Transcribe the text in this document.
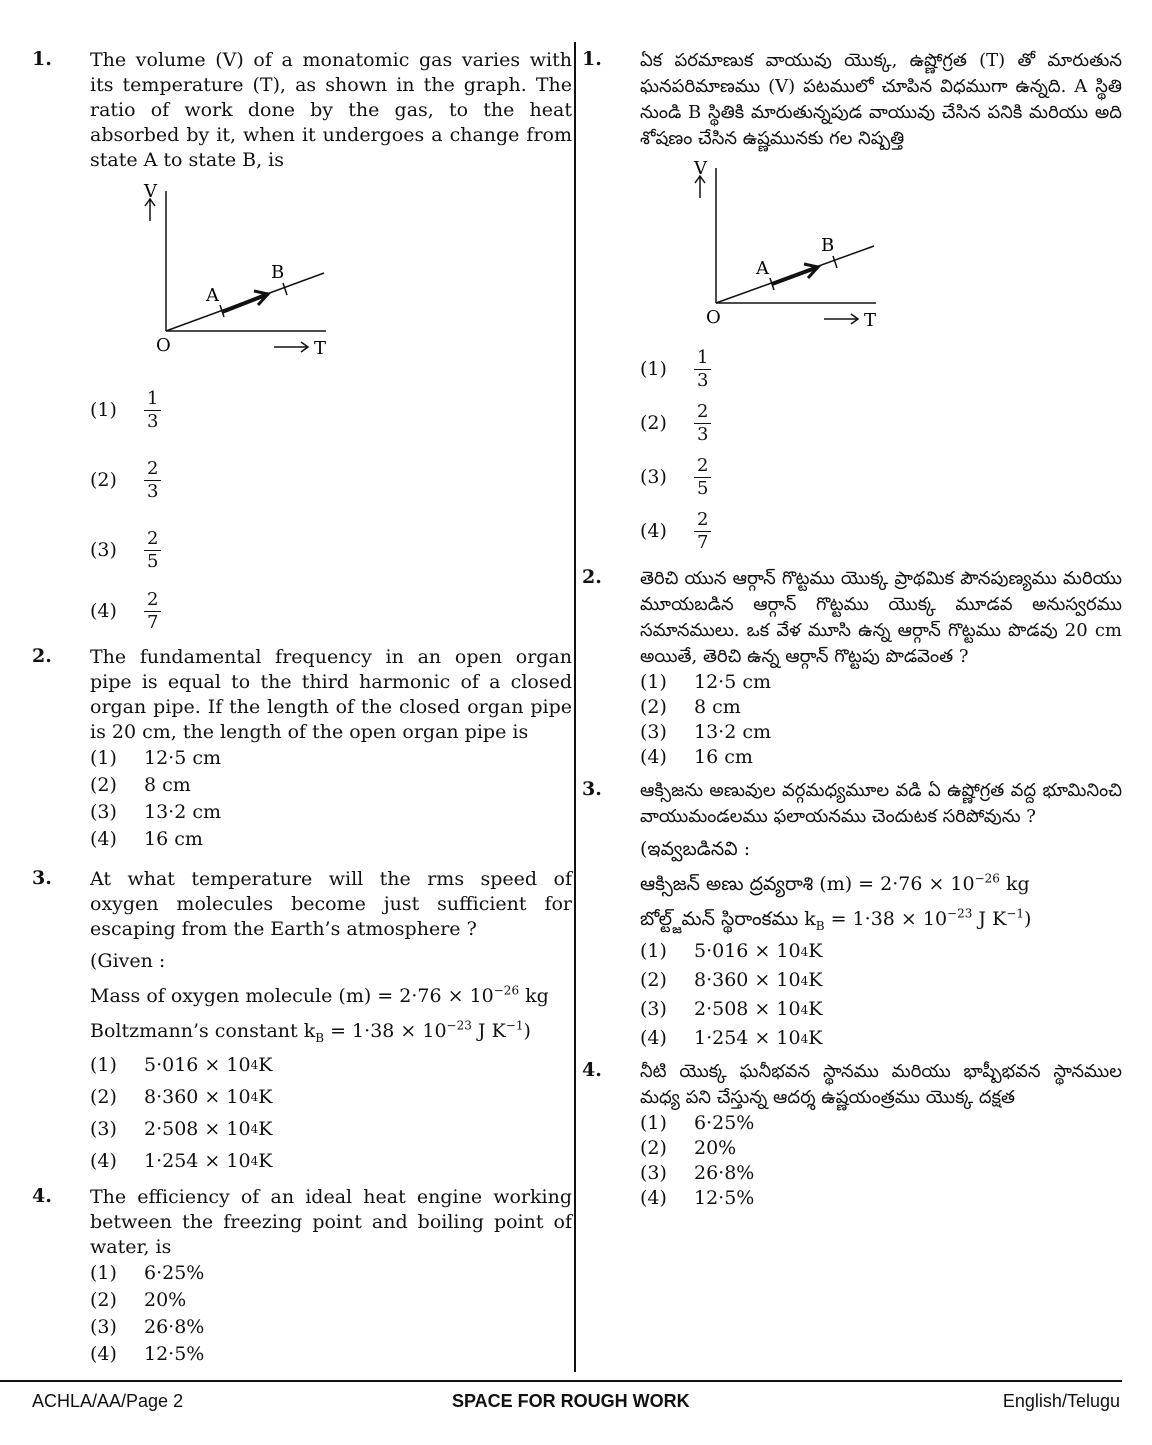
1. The volume (V) of a monatomic gas varies with its temperature (T), as shown in the graph. The ratio of work done by the gas, to the heat absorbed by it, when it undergoes a change from state A to state B, is
V
T
O
A
B
(1)	$\frac{1}{3}$
(2)	$\frac{2}{3}$
(3)	$\frac{2}{5}$
(4)	$\frac{2}{7}$
2. The fundamental frequency in an open organ pipe is equal to the third harmonic of a closed organ pipe. If the length of the closed organ pipe is 20 cm, the length of the open organ pipe is
(1)	12·5 cm
(2)	8 cm
(3)	13·2 cm
(4)	16 cm
3. At what temperature will the rms speed of oxygen molecules become just sufficient for escaping from the Earth’s atmosphere ?
(Given :
Mass of oxygen molecule $(m) = 2\cdot 76 \times 10^{-26}$ kg
Boltzmann’s constant $k_B = 1\cdot 38 \times 10^{-23}$ J $K^{-1}$)
(1)	5·016 × 10 4 K
(2)	8·360 × 10 4 K
(3)	2·508 × 10 4 K
(4)	1·254 × 10 4 K
4. The efficiency of an ideal heat engine working between the freezing point and boiling point of water, is
(1)	6·25%
(2)	20%
(3)	26·8%
(4)	12·5%
1. ఏక పరమాణుక వాయువు యొక్క, ఉష్ణోగ్రత (T) తో మారుతున ఘనపరిమాణము (V) పటములో చూపిన విధముగా ఉన్నది. A స్థితి నుండి B స్థితికి మారుతున్నపుడ వాయువు చేసిన పనికి మరియు అది శోషణం చేసిన ఉష్ణమునకు గల నిష్పత్తి
V
T
O
A
B
(1)	$\frac{1}{3}$
(2)	$\frac{2}{3}$
(3)	$\frac{2}{5}$
(4)	$\frac{2}{7}$
2. తెరిచి యున ఆర్గాన్ గొట్టము యొక్క ప్రాథమిక పౌనపుణ్యము మరియు మూయబడిన ఆర్గాన్ గొట్టము యొక్క మూడవ అనుస్వరము సమానములు. ఒక వేళ మూసి ఉన్న ఆర్గాన్ గొట్టము పొడవు 20 cm అయితే, తెరిచి ఉన్న ఆర్గాన్ గొట్టపు పొడవెంత ?
(1)	12·5 cm
(2)	8 cm
(3)	13·2 cm
(4)	16 cm
3. ఆక్సిజను అణువుల వర్గమధ్యమూల వడి ఏ ఉష్ణోగ్రత వద్ద భూమినించి వాయుమండలము ఫలాయనము చెందుటక సరిపోవును ?
(ఇవ్వబడినవి :
ఆక్సిజన్ అణు ద్రవ్యరాశి $(m) = 2\cdot 76 \times 10^{-26}$ kg
బోల్ట్జ్‌మన్ స్థిరాంకము $k_B = 1\cdot 38 \times 10^{-23}$ J $K^{-1}$)
(1)	5·016 × 10 4 K
(2)	8·360 × 10 4 K
(3)	2·508 × 10 4 K
(4)	1·254 × 10 4 K
4. నీటి యొక్క ఘనీభవన స్థానము మరియు భాష్పీభవన స్థానముల మధ్య పని చేస్తున్న ఆదర్శ ఉష్ణయంత్రము యొక్క దక్షత
(1)	6·25%
(2)	20%
(3)	26·8%
(4)	12·5%
ACHLA/AA/Page 2	SPACE FOR ROUGH WORK	English/Telugu
